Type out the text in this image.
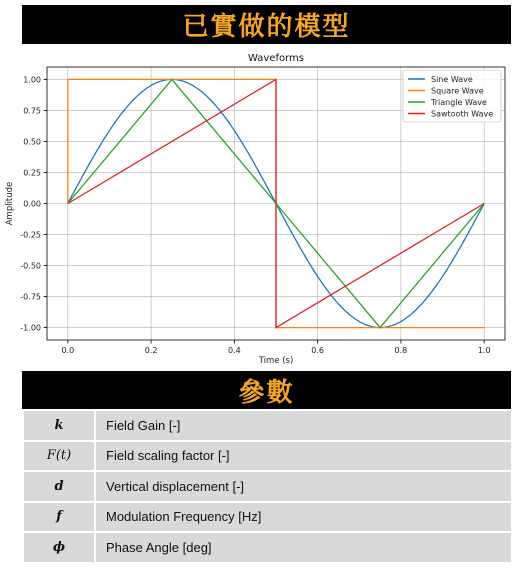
已實做的模型
0.0	0.2	0.4	0.6	0.8	1.0
-1.00
-0.75
-0.50
-0.25
0.00
0.25
0.50
0.75
1.00
Waveforms
Time (s)
Amplitude
Sine Wave
Square Wave
Triangle Wave
Sawtooth Wave
參數
k	Field Gain [-]
F(t)	Field scaling factor [-]
d	Vertical displacement [-]
f	Modulation Frequency [Hz]
ϕ	Phase Angle [deg]
